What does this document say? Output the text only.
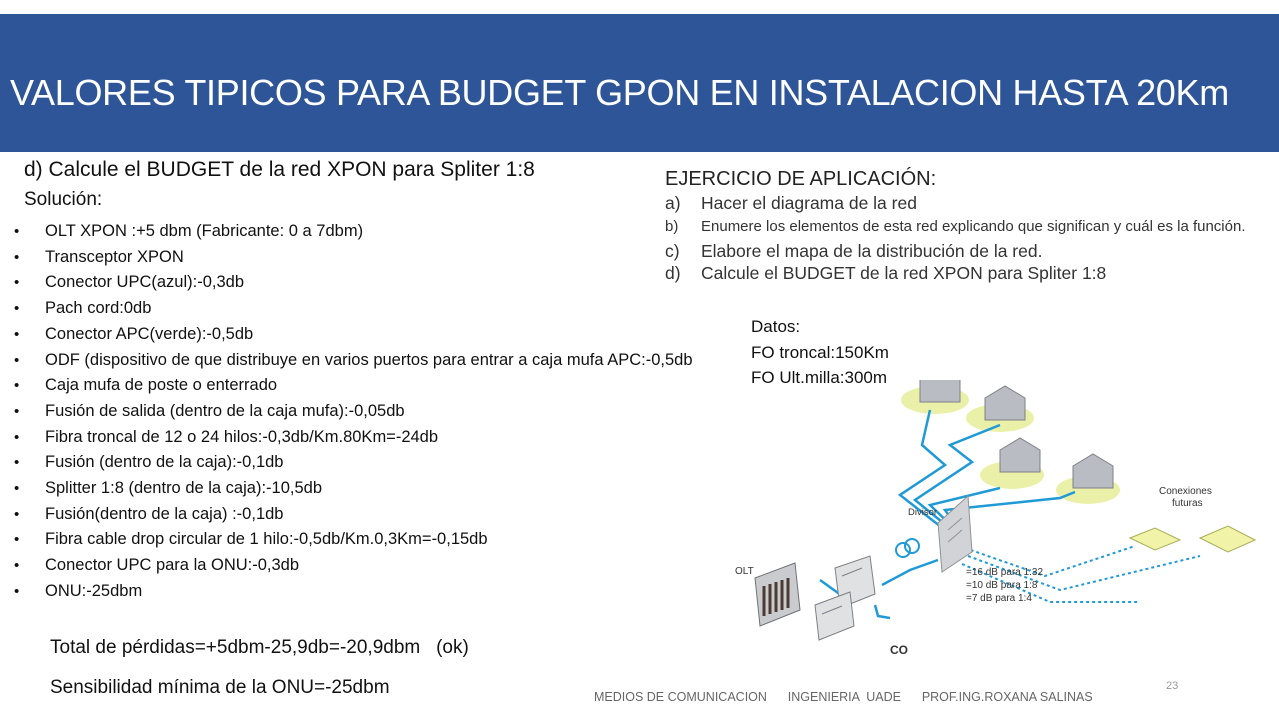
VALORES TIPICOS PARA BUDGET GPON EN INSTALACION HASTA 20Km
d) Calcule el BUDGET de la red XPON para Spliter 1:8
Solución:
• OLT XPON :+5 dbm (Fabricante: 0 a 7dbm)
• Transceptor XPON
• Conector UPC(azul):-0,3db
• Pach cord:0db
• Conector APC(verde):-0,5db
• ODF (dispositivo de que distribuye en varios puertos para entrar a caja mufa APC:-0,5db
• Caja mufa de poste o enterrado
• Fusión de salida (dentro de la caja mufa):-0,05db
• Fibra troncal de 12 o 24 hilos:-0,3db/Km.80Km=-24db
• Fusión (dentro de la caja):-0,1db
• Splitter 1:8 (dentro de la caja):-10,5db
• Fusión(dentro de la caja) :-0,1db
• Fibra cable drop circular de 1 hilo:-0,5db/Km.0,3Km=-0,15db
• Conector UPC para la ONU:-0,3db
• ONU:-25dbm
Total de pérdidas=+5dbm-25,9db=-20,9dbm   (ok)
Sensibilidad mínima de la ONU=-25dbm
EJERCICIO DE APLICACIÓN:
a) Hacer el diagrama de la red
b) Enumere los elementos de esta red explicando que significan y cuál es la función.
c) Elabore el mapa de la distribución de la red.
d) Calcule el BUDGET de la red XPON para Spliter 1:8
Datos:
FO troncal:150Km
FO Ult.milla:300m
OLT
CO
Divisor
Conexiones
futuras
=16 dB para 1:32
=10 dB para 1:8
=7 dB para 1:4
MEDIOS DE COMUNICACION      INGENIERIA  UADE      PROF.ING.ROXANA SALINAS
23
